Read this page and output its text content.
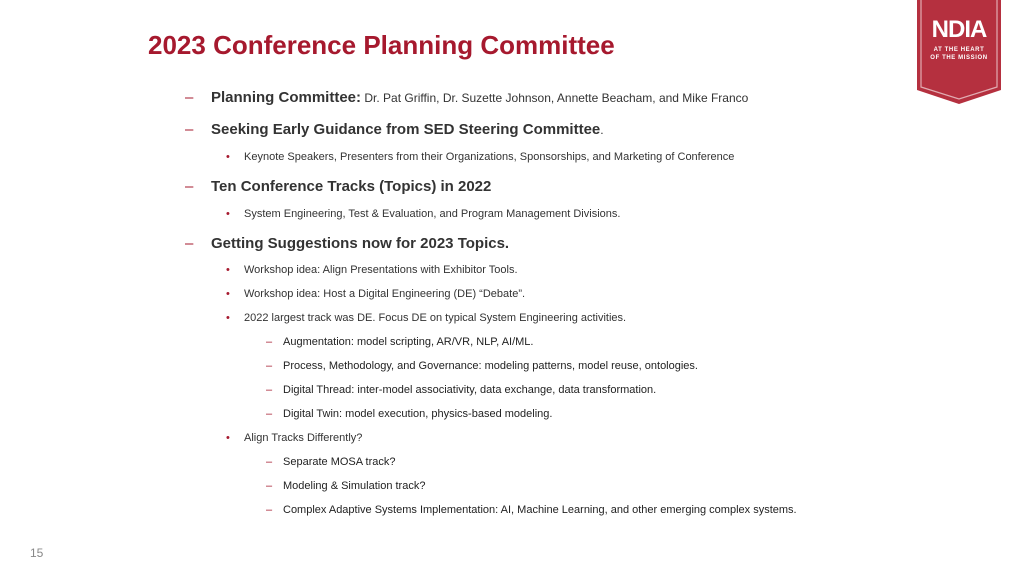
2023 Conference Planning Committee
NDIA
AT THE HEART
OF THE MISSION
– Planning Committee: Dr. Pat Griffin, Dr. Suzette Johnson, Annette Beacham, and Mike Franco
– Seeking Early Guidance from SED Steering Committee.
• Keynote Speakers, Presenters from their Organizations, Sponsorships, and Marketing of Conference
– Ten Conference Tracks (Topics) in 2022
• System Engineering, Test & Evaluation, and Program Management Divisions.
– Getting Suggestions now for 2023 Topics.
• Workshop idea: Align Presentations with Exhibitor Tools.
• Workshop idea: Host a Digital Engineering (DE) “Debate”.
• 2022 largest track was DE. Focus DE on typical System Engineering activities.
– Augmentation: model scripting, AR/VR, NLP, AI/ML.
– Process, Methodology, and Governance: modeling patterns, model reuse, ontologies.
– Digital Thread: inter-model associativity, data exchange, data transformation.
– Digital Twin: model execution, physics-based modeling.
• Align Tracks Differently?
– Separate MOSA track?
– Modeling & Simulation track?
– Complex Adaptive Systems Implementation: AI, Machine Learning, and other emerging complex systems.
15
